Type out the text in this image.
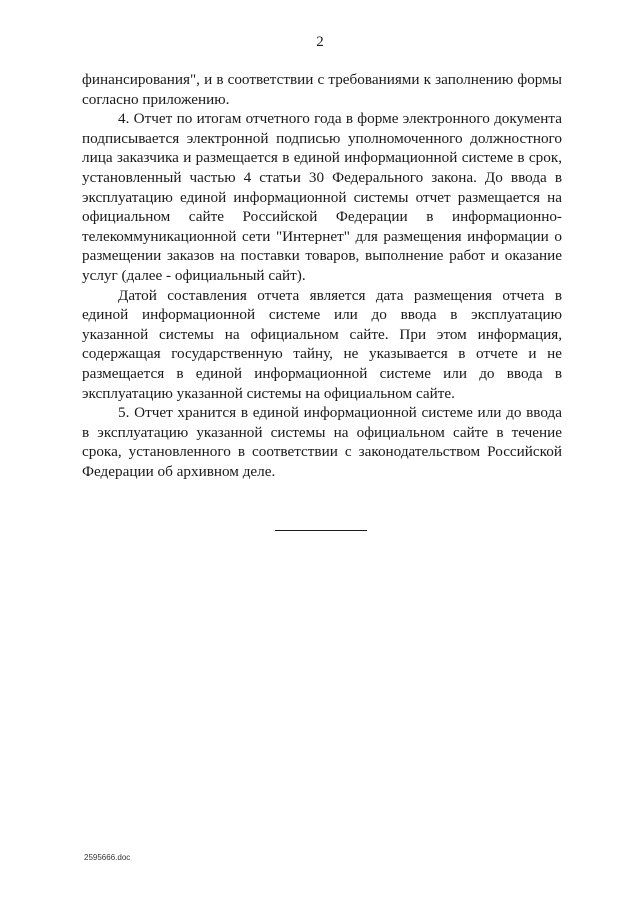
2

финансирования", и в соответствии с требованиями к заполнению формы согласно приложению.

4. Отчет по итогам отчетного года в форме электронного документа подписывается электронной подписью уполномоченного должностного лица заказчика и размещается в единой информационной системе в срок, установленный частью 4 статьи 30 Федерального закона. До ввода в эксплуатацию единой информационной системы отчет размещается на официальном сайте Российской Федерации в информационно-телекоммуникационной сети "Интернет" для размещения информации о размещении заказов на поставки товаров, выполнение работ и оказание услуг (далее - официальный сайт).

Датой составления отчета является дата размещения отчета в единой информационной системе или до ввода в эксплуатацию указанной системы на официальном сайте. При этом информация, содержащая государственную тайну, не указывается в отчете и не размещается в единой информационной системе или до ввода в эксплуатацию указанной системы на официальном сайте.

5. Отчет хранится в единой информационной системе или до ввода в эксплуатацию указанной системы на официальном сайте в течение срока, установленного в соответствии с законодательством Российской Федерации об архивном деле.

2595666.doc
